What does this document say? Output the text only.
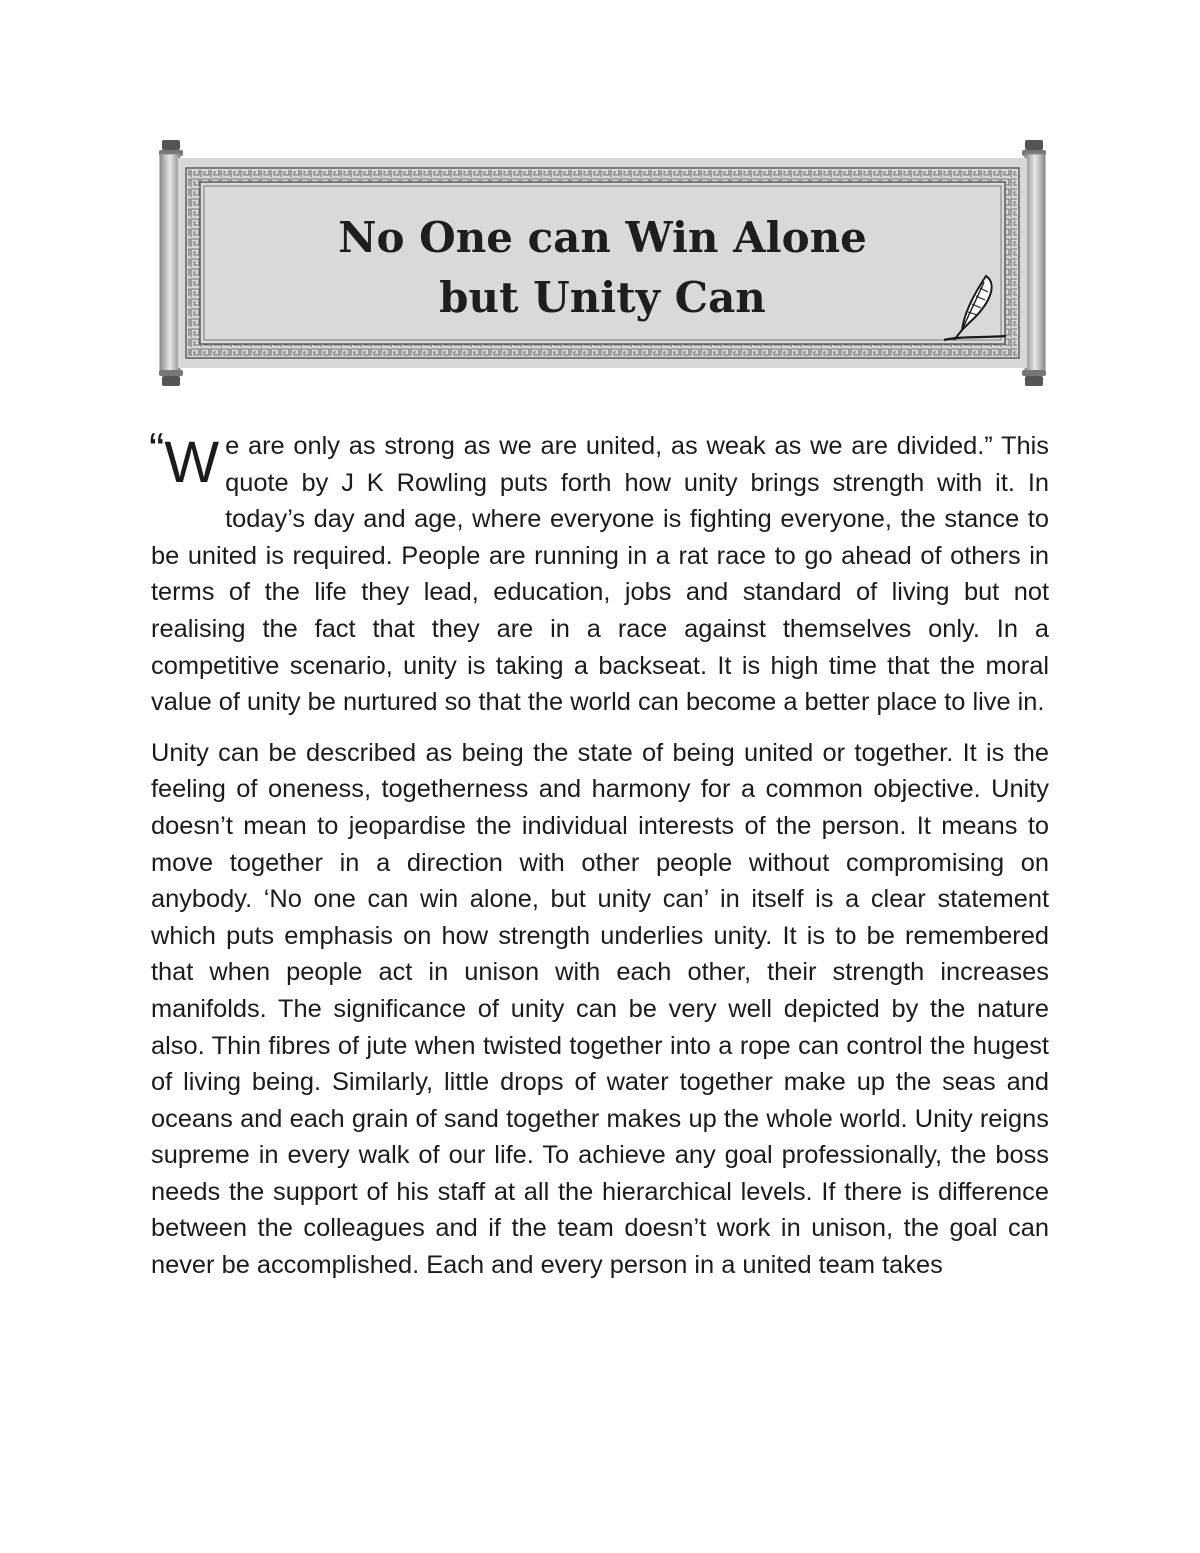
No One can Win Alone
but Unity Can

“W e are only as strong as we are united, as weak as we are divided.” This quote by J K Rowling puts forth how unity brings strength with it. In today’s day and age, where everyone is fighting everyone, the stance to be united is required. People are running in a rat race to go ahead of others in terms of the life they lead, education, jobs and standard of living but not realising the fact that they are in a race against themselves only. In a competitive scenario, unity is taking a backseat. It is high time that the moral value of unity be nurtured so that the world can become a better place to live in.

Unity can be described as being the state of being united or together. It is the feeling of oneness, togetherness and harmony for a common objective. Unity doesn’t mean to jeopardise the individual interests of the person. It means to move together in a direction with other people without compromising on anybody. ‘No one can win alone, but unity can’ in itself is a clear statement which puts emphasis on how strength underlies unity. It is to be remembered that when people act in unison with each other, their strength increases manifolds. The significance of unity can be very well depicted by the nature also. Thin fibres of jute when twisted together into a rope can control the hugest of living being. Similarly, little drops of water together make up the seas and oceans and each grain of sand together makes up the whole world. Unity reigns supreme in every walk of our life. To achieve any goal professionally, the boss needs the support of his staff at all the hierarchical levels. If there is difference between the colleagues and if the team doesn’t work in unison, the goal can never be accomplished. Each and every person in a united team takes
